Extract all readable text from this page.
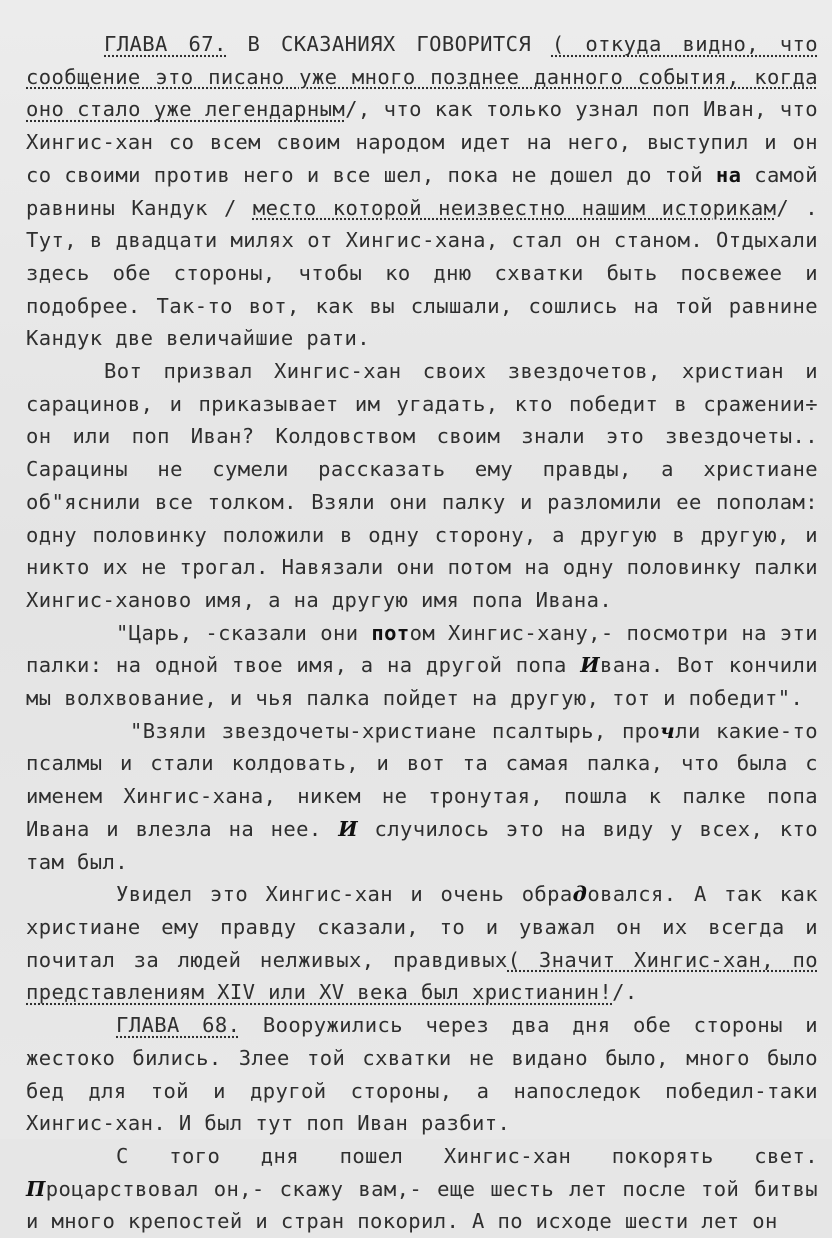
ГЛАВА 67. В СКАЗАНИЯХ ГОВОРИТСЯ ( откуда видно, что сообщение это писано уже много позднее данного события, когда оно стало уже легендарным/, что как только узнал поп Иван, что Хингис-хан со всем своим народом идет на него, выступил и он со своими против него и все шел, пока не дошел до той на самой равнины Кандук / место которой неизвестно нашим историкам/ . Тут, в двадцати милях от Хингис-хана, стал он станом. Отдыхали здесь обе стороны, чтобы ко дню схватки быть посвежее и подобрее. Так-то вот, как вы слышали, сошлись на той равнине Кандук две величайшие рати.

Вот призвал Хингис-хан своих звездочетов, христиан и сарацинов, и приказывает им угадать, кто победит в сражении÷ он или поп Иван? Колдовством своим знали это звездочеты.. Сарацины не сумели рассказать ему правды, а христиане об"яснили все толком. Взяли они палку и разломили ее пополам: одну половинку положили в одну сторону, а другую в другую, и никто их не трогал. Навязали они потом на одну половинку палки Хингис-ханово имя, а на другую имя попа Ивана.

"Царь, -сказали они потом Хингис-хану,- посмотри на эти палки: на одной твое имя, а на другой попа Ивана. Вот кончили мы волхвование, и чья палка пойдет на другую, тот и победит".

"Взяли звездочеты-христиане псалтырь, прочли какие-то псалмы и стали колдовать, и вот та самая палка, что была с именем Хингис-хана, никем не тронутая, пошла к палке попа Ивана и влезла на нее. И случилось это на виду у всех, кто там был.

Увидел это Хингис-хан и очень обрадовался. А так как христиане ему правду сказали, то и уважал он их всегда и почитал за людей нелживых, правдивых( Значит Хингис-хан, по представлениям XIV или XV века был христианин!/.

ГЛАВА 68. Вооружились через два дня обе стороны и жестоко бились. Злее той схватки не видано было, много было бед для той и другой стороны, а напоследок победил-таки Хингис-хан. И был тут поп Иван разбит.

С того дня пошел Хингис-хан покорять свет. Процарствовал он,- скажу вам,- еще шесть лет после той битвы и много крепостей и стран покорил. А по исходе шести лет он
